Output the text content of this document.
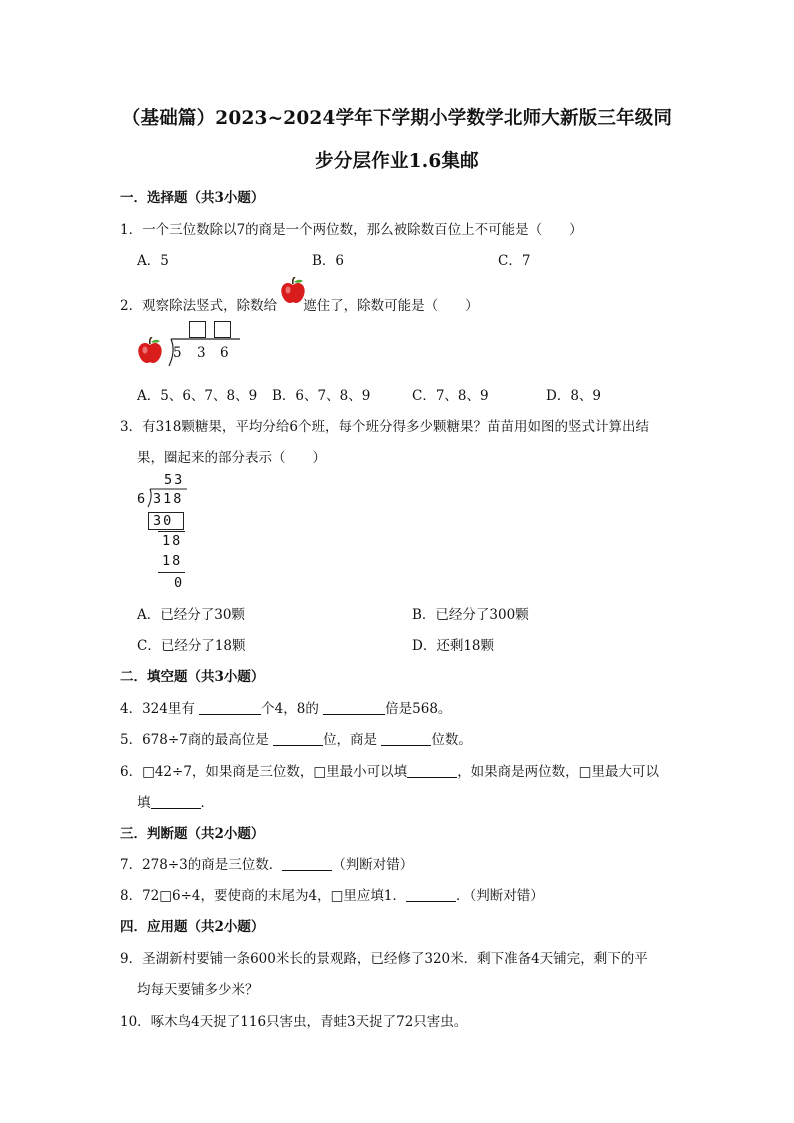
（基础篇）2023~2024学年下学期小学数学北师大新版三年级同
步分层作业1.6集邮
一．选择题（共3小题）
1．一个三位数除以7的商是一个两位数，那么被除数百位上不可能是（　　）
A．5	B．6	C．7
2．观察除法竖式，除数给 遮住了，除数可能是（　　）
5 3 6
A．5、6、7、8、9 B．6、7、8、9	C．7、8、9	D．8、9
3．有318颗糖果，平均分给6个班，每个班分得多少颗糖果？苗苗用如图的竖式计算出结
果，圈起来的部分表示（　　）
53
6 318
30
18
18
0
A．已经分了30颗	B．已经分了300颗
C．已经分了18颗	D．还剩18颗
二．填空题（共3小题）
4．324里有	个4，8的	倍是568。
5．678÷7商的最高位是	位，商是	位数。
6．□42÷7，如果商是三位数，□里最小可以填	，如果商是两位数，□里最大可以
填	．
三．判断题（共2小题）
7．278÷3的商是三位数．	（判断对错）
8．72□6÷4，要使商的末尾为4，□里应填1．	．（判断对错）
四．应用题（共2小题）
9．圣湖新村要铺一条600米长的景观路，已经修了320米．剩下准备4天铺完，剩下的平
均每天要铺多少米？
10．啄木鸟4天捉了116只害虫，青蛙3天捉了72只害虫。
